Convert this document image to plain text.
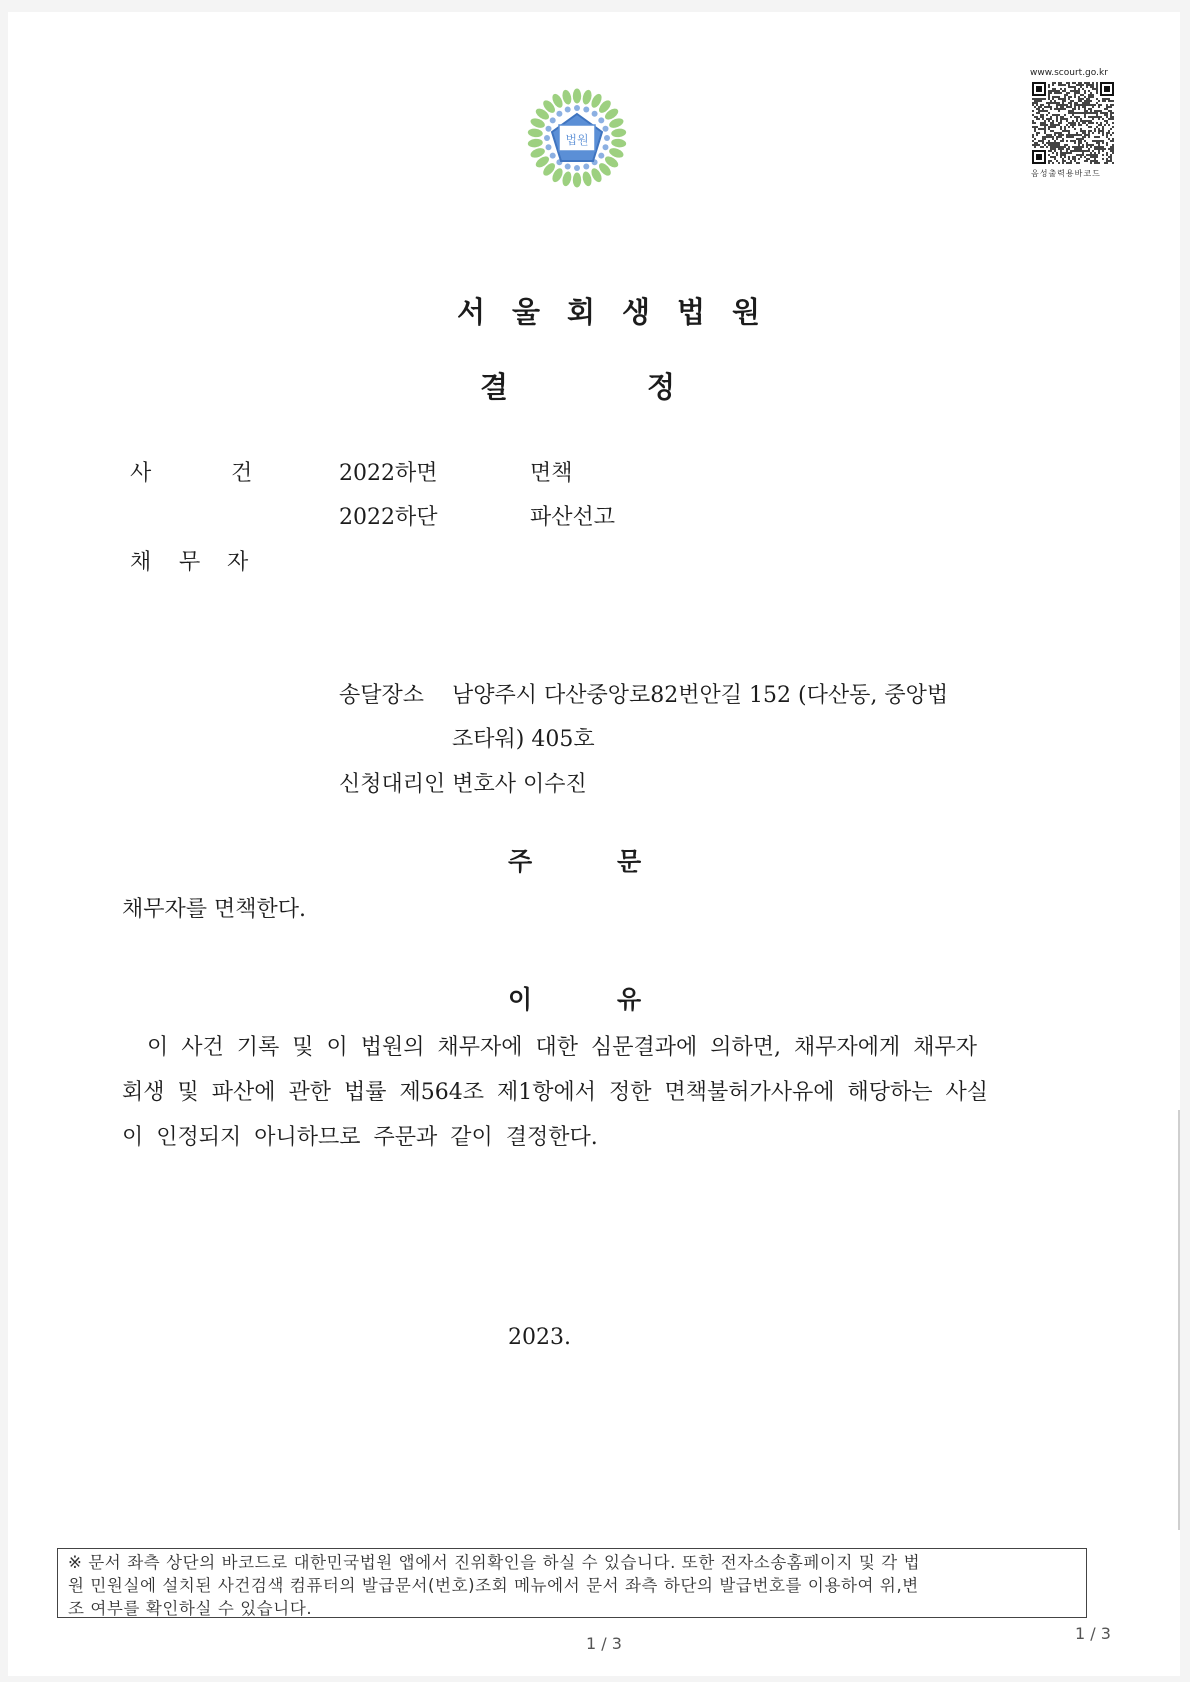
법원
www.scourt.go.kr
음성출력용바코드
서울회생법원
결	정
사	건	2022하면	면책
2022하단	파산선고
채 무 자
송달장소 남양주시 다산중앙로82번안길 152 (다산동, 중앙법
조타워) 405호
신청대리인 변호사 이수진
주	문
채무자를 면책한다.
이	유
이 사건 기록 및 이 법원의 채무자에 대한 심문결과에 의하면, 채무자에게 채무자
회생 및 파산에 관한 법률 제564조 제1항에서 정한 면책불허가사유에 해당하는 사실
이 인정되지 아니하므로 주문과 같이 결정한다.
2023.
※ 문서 좌측 상단의 바코드로 대한민국법원 앱에서 진위확인을 하실 수 있습니다. 또한 전자소송홈페이지 및 각 법
원 민원실에 설치된 사건검색 컴퓨터의 발급문서(번호)조회 메뉴에서 문서 좌측 하단의 발급번호를 이용하여 위,변
조 여부를 확인하실 수 있습니다.
1 / 3
1 / 3
